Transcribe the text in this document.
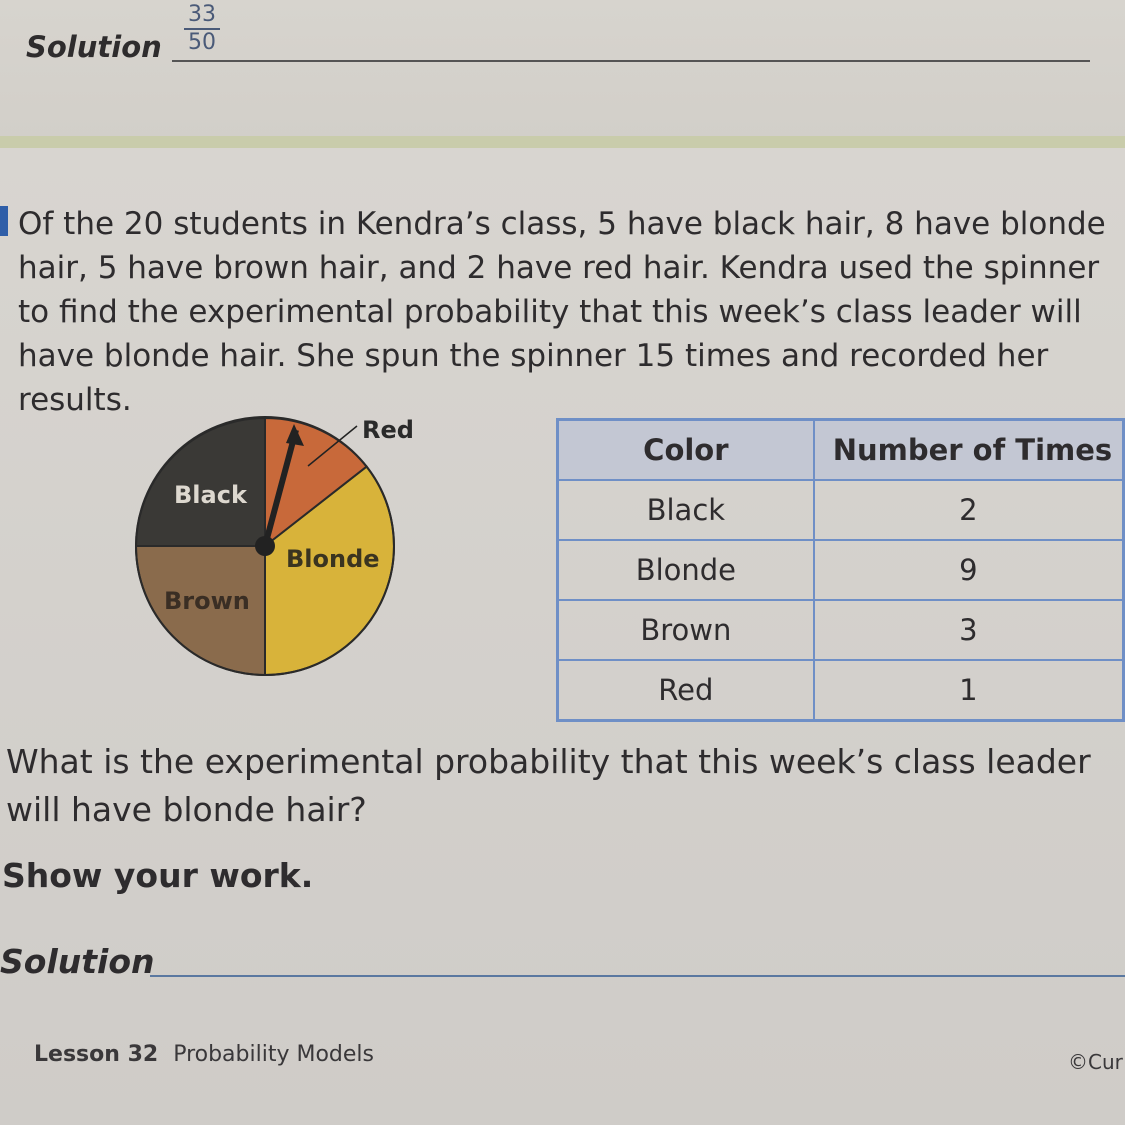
Solution
33
50
Of the 20 students in Kendra’s class, 5 have black hair, 8 have blonde hair, 5 have brown hair, and 2 have red hair. Kendra used the spinner to find the experimental probability that this week’s class leader will have blonde hair. She spun the spinner 15 times and recorded her results.
Black
Blonde
Brown
Red
Color	Number of Times

Black	2
Blonde	9
Brown	3
Red	1
What is the experimental probability that this week’s class leader will have blonde hair?
Show your work.
Solution
Lesson 32 Probability Models	©Cur
